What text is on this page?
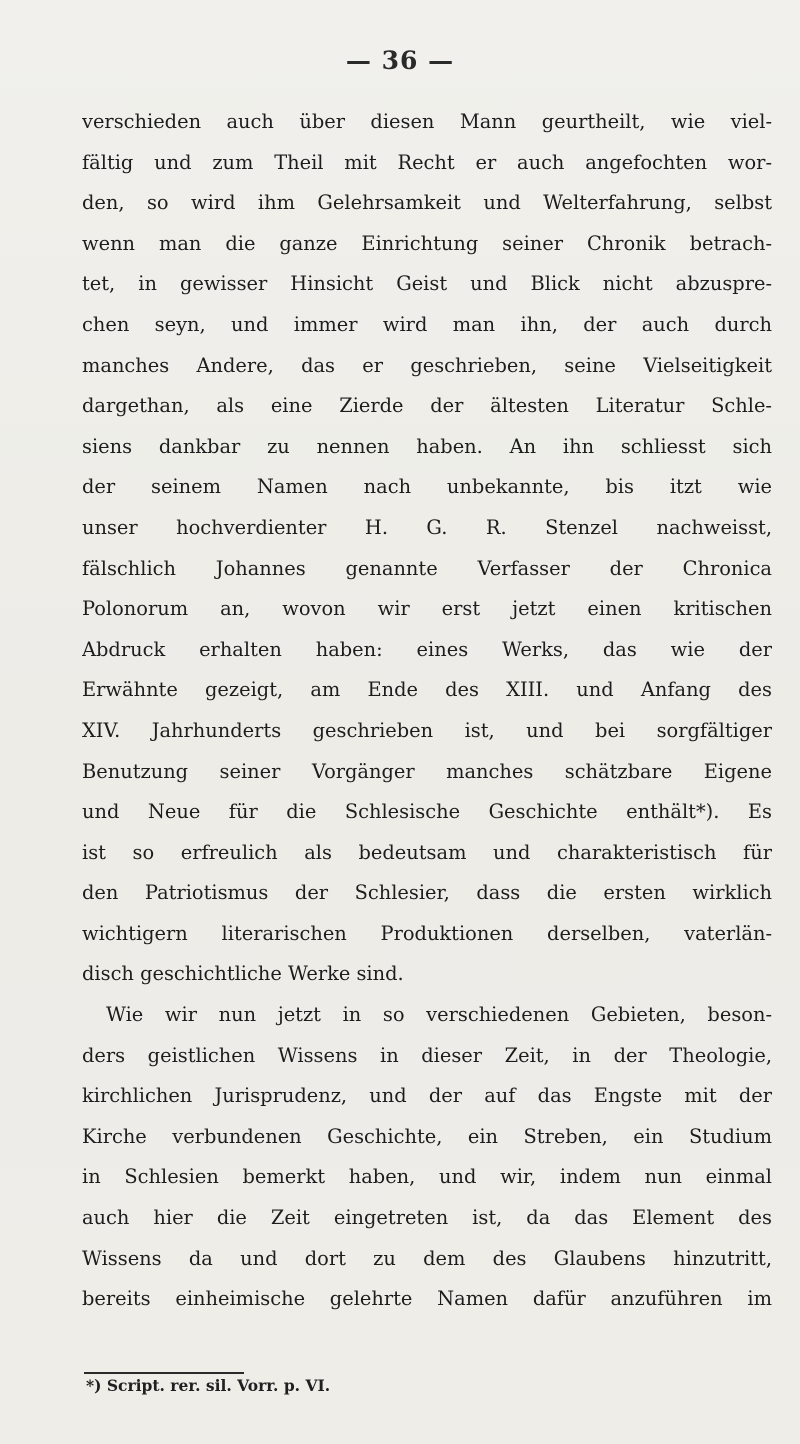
— 36 —
verschieden auch über diesen Mann geurtheilt, wie viel-
fältig und zum Theil mit Recht er auch angefochten wor-
den, so wird ihm Gelehrsamkeit und Welterfahrung, selbst
wenn man die ganze Einrichtung seiner Chronik betrach-
tet, in gewisser Hinsicht Geist und Blick nicht abzuspre-
chen seyn, und immer wird man ihn, der auch durch
manches Andere, das er geschrieben, seine Vielseitigkeit
dargethan, als eine Zierde der ältesten Literatur Schle-
siens dankbar zu nennen haben. An ihn schliesst sich
der seinem Namen nach unbekannte, bis itzt wie
unser hochverdienter H. G. R. Stenzel nachweisst,
fälschlich Johannes genannte Verfasser der Chronica
Polonorum an, wovon wir erst jetzt einen kritischen
Abdruck erhalten haben: eines Werks, das wie der
Erwähnte gezeigt, am Ende des XIII. und Anfang des
XIV. Jahrhunderts geschrieben ist, und bei sorgfältiger
Benutzung seiner Vorgänger manches schätzbare Eigene
und Neue für die Schlesische Geschichte enthält*). Es
ist so erfreulich als bedeutsam und charakteristisch für
den Patriotismus der Schlesier, dass die ersten wirklich
wichtigern literarischen Produktionen derselben, vaterlän-
disch geschichtliche Werke sind.
Wie wir nun jetzt in so verschiedenen Gebieten, beson-
ders geistlichen Wissens in dieser Zeit, in der Theologie,
kirchlichen Jurisprudenz, und der auf das Engste mit der
Kirche verbundenen Geschichte, ein Streben, ein Studium
in Schlesien bemerkt haben, und wir, indem nun einmal
auch hier die Zeit eingetreten ist, da das Element des
Wissens da und dort zu dem des Glaubens hinzutritt,
bereits einheimische gelehrte Namen dafür anzuführen im
*) Script. rer. sil. Vorr. p. VI.
